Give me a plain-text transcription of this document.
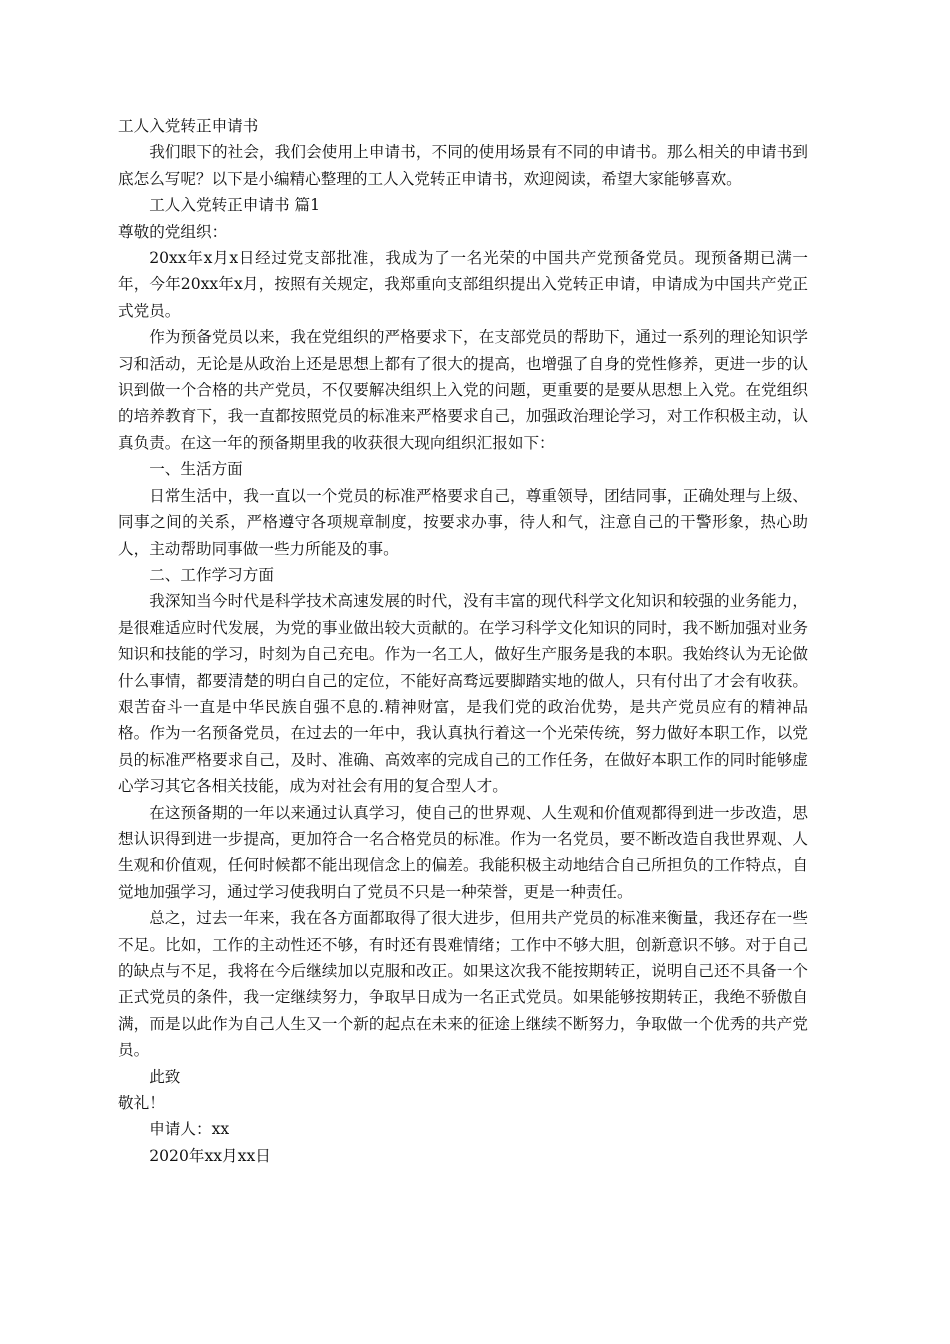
工人入党转正申请书

我们眼下的社会，我们会使用上申请书，不同的使用场景有不同的申请书。那么相关的申请书到底怎么写呢？以下是小编精心整理的工人入党转正申请书，欢迎阅读，希望大家能够喜欢。

工人入党转正申请书 篇1

尊敬的党组织：

20xx年x月x日经过党支部批准，我成为了一名光荣的中国共产党预备党员。现预备期已满一年，今年20xx年x月，按照有关规定，我郑重向支部组织提出入党转正申请，申请成为中国共产党正式党员。

作为预备党员以来，我在党组织的严格要求下，在支部党员的帮助下，通过一系列的理论知识学习和活动，无论是从政治上还是思想上都有了很大的提高，也增强了自身的党性修养，更进一步的认识到做一个合格的共产党员，不仅要解决组织上入党的问题，更重要的是要从思想上入党。在党组织的培养教育下，我一直都按照党员的标准来严格要求自己，加强政治理论学习，对工作积极主动，认真负责。在这一年的预备期里我的收获很大现向组织汇报如下：

一、生活方面

日常生活中，我一直以一个党员的标准严格要求自己，尊重领导，团结同事，正确处理与上级、同事之间的关系，严格遵守各项规章制度，按要求办事，待人和气，注意自己的干警形象，热心助人，主动帮助同事做一些力所能及的事。

二、工作学习方面

我深知当今时代是科学技术高速发展的时代，没有丰富的现代科学文化知识和较强的业务能力，是很难适应时代发展，为党的事业做出较大贡献的。在学习科学文化知识的同时，我不断加强对业务知识和技能的学习，时刻为自己充电。作为一名工人，做好生产服务是我的本职。我始终认为无论做什么事情，都要清楚的明白自己的定位，不能好高骛远要脚踏实地的做人，只有付出了才会有收获。艰苦奋斗一直是中华民族自强不息的.精神财富，是我们党的政治优势，是共产党员应有的精神品格。作为一名预备党员，在过去的一年中，我认真执行着这一个光荣传统，努力做好本职工作，以党员的标准严格要求自己，及时、准确、高效率的完成自己的工作任务，在做好本职工作的同时能够虚心学习其它各相关技能，成为对社会有用的复合型人才。

在这预备期的一年以来通过认真学习，使自己的世界观、人生观和价值观都得到进一步改造，思想认识得到进一步提高，更加符合一名合格党员的标准。作为一名党员，要不断改造自我世界观、人生观和价值观，任何时候都不能出现信念上的偏差。我能积极主动地结合自己所担负的工作特点，自觉地加强学习，通过学习使我明白了党员不只是一种荣誉，更是一种责任。

总之，过去一年来，我在各方面都取得了很大进步，但用共产党员的标准来衡量，我还存在一些不足。比如，工作的主动性还不够，有时还有畏难情绪；工作中不够大胆，创新意识不够。对于自己的缺点与不足，我将在今后继续加以克服和改正。如果这次我不能按期转正，说明自己还不具备一个正式党员的条件，我一定继续努力，争取早日成为一名正式党员。如果能够按期转正，我绝不骄傲自满，而是以此作为自己人生又一个新的起点在未来的征途上继续不断努力，争取做一个优秀的共产党员。

此致

敬礼！

申请人：xx

2020年xx月xx日
